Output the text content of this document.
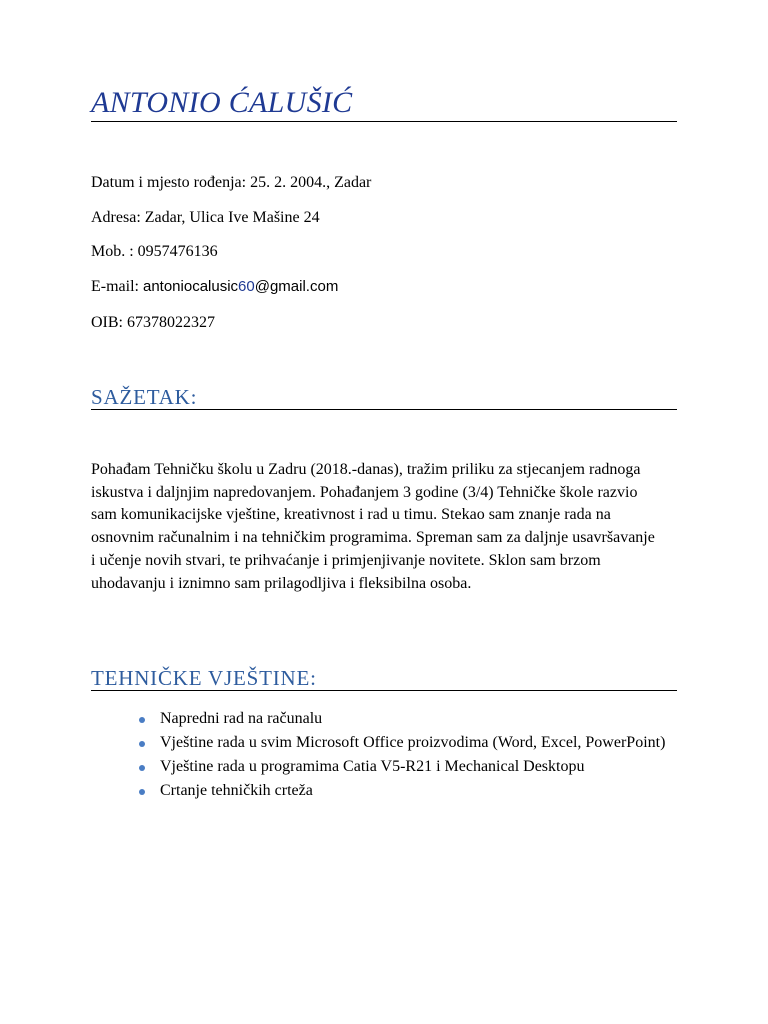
ANTONIO ĆALUŠIĆ
Datum i mjesto rođenja: 25. 2. 2004., Zadar
Adresa: Zadar, Ulica Ive Mašine 24
Mob. : 0957476136
E-mail: antoniocalusic60@gmail.com
OIB: 67378022327
SAŽETAK:

Pohađam Tehničku školu u Zadru (2018.-danas), tražim priliku za stjecanjem radnoga iskustva i daljnjim napredovanjem. Pohađanjem 3 godine (3/4) Tehničke škole razvio sam komunikacijske vještine, kreativnost i rad u timu. Stekao sam znanje rada na osnovnim računalnim i na tehničkim programima. Spreman sam za daljnje usavršavanje i učenje novih stvari, te prihvaćanje i primjenjivanje novitete. Sklon sam brzom uhodavanju i iznimno sam prilagodljiva i fleksibilna osoba.

TEHNIČKE VJEŠTINE:
Napredni rad na računalu
Vještine rada u svim Microsoft Office proizvodima (Word, Excel, PowerPoint)
Vještine rada u programima Catia V5-R21 i Mechanical Desktopu
Crtanje tehničkih crteža
